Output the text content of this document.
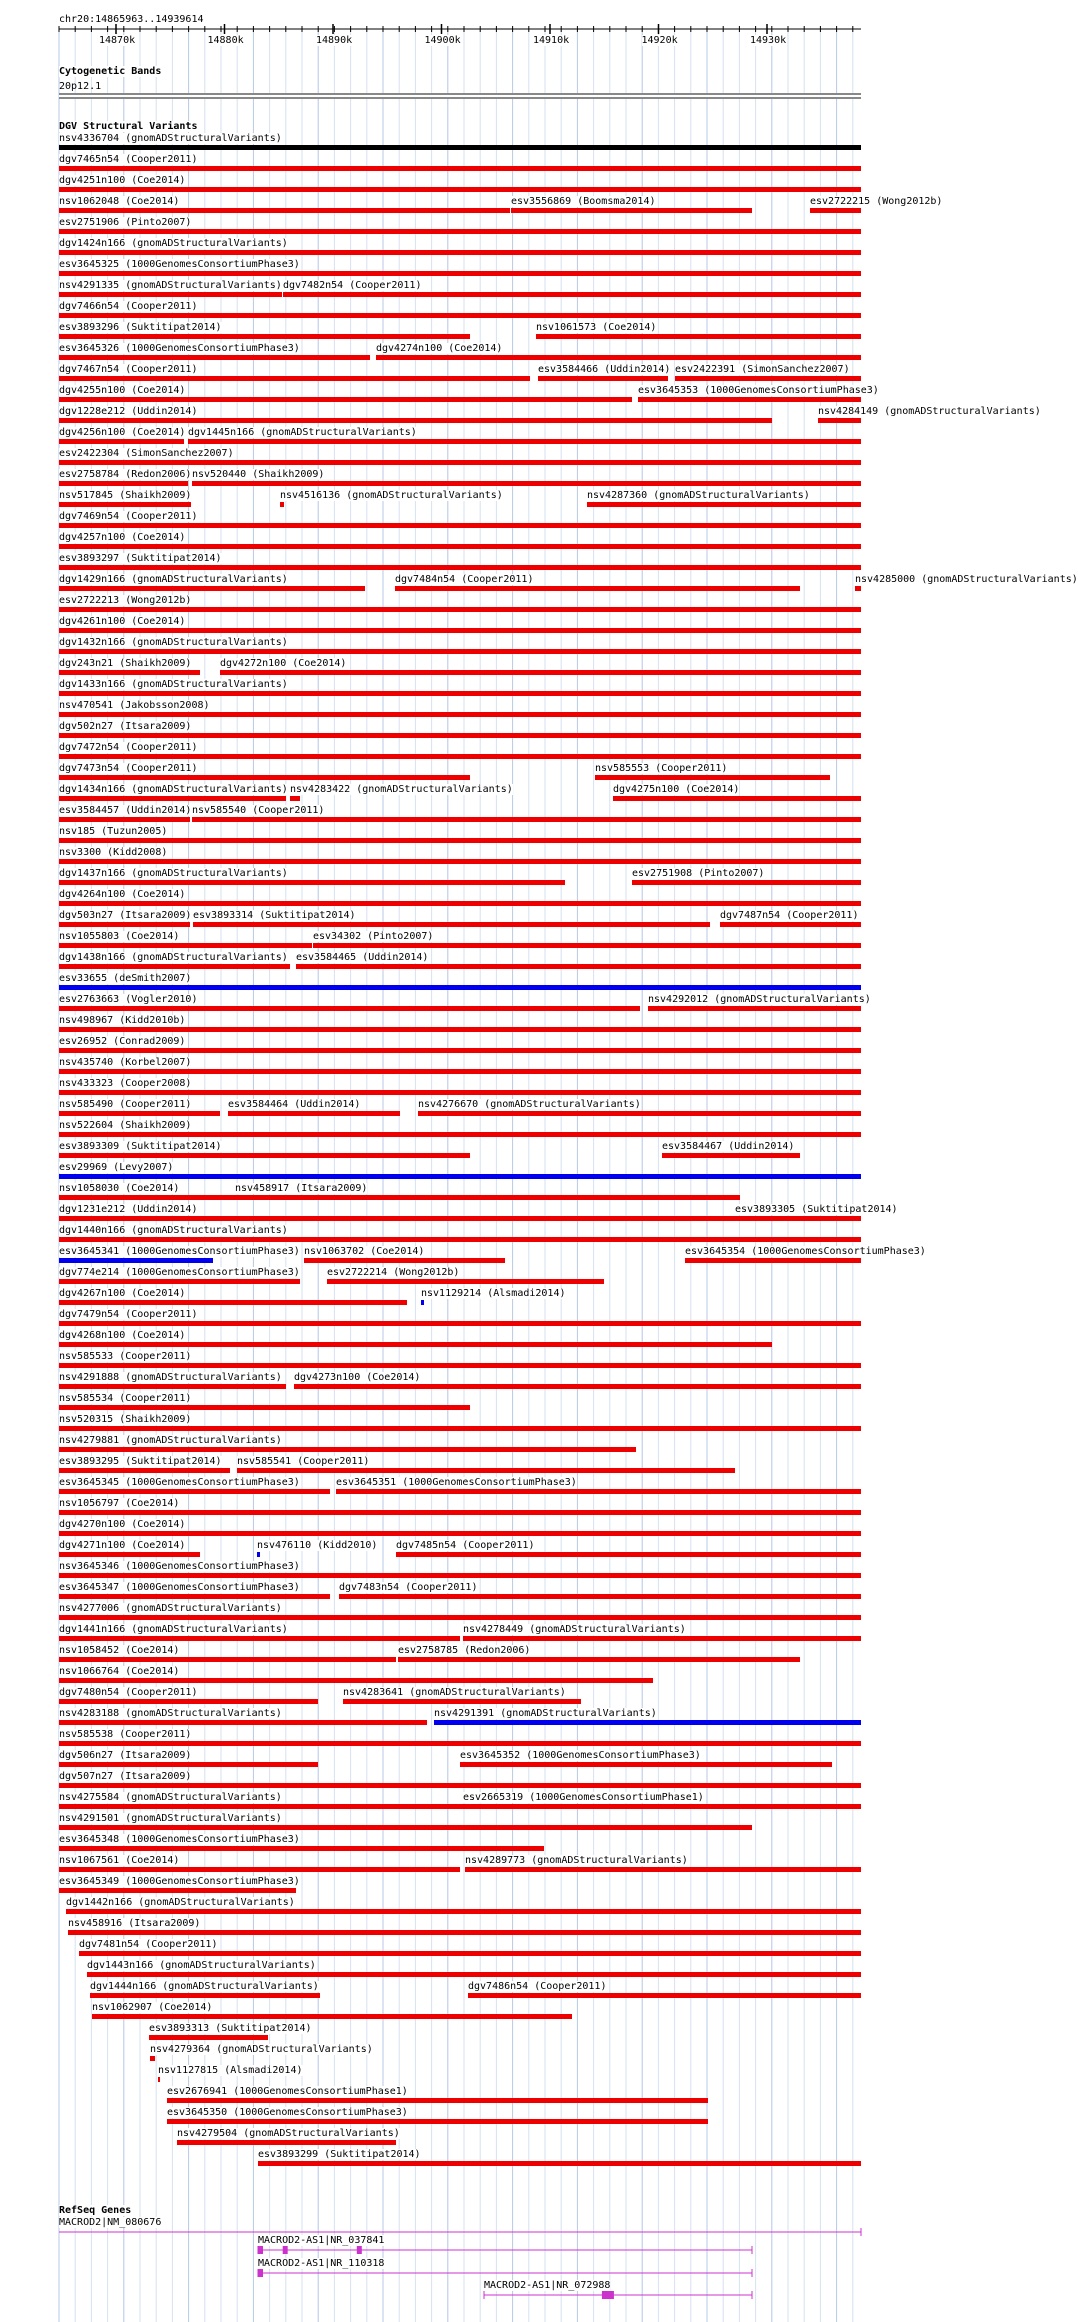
chr20:14865963..14939614
14870k	14880k	14890k	14900k	14910k	14920k	14930k
Cytogenetic Bands
20p12.1
DGV Structural Variants
nsv4336704 (gnomADStructuralVariants)
dgv7465n54 (Cooper2011)
dgv4251n100 (Coe2014)
nsv1062048 (Coe2014)	esv3556869 (Boomsma2014)	esv2722215 (Wong2012b)
esv2751906 (Pinto2007)
dgv1424n166 (gnomADStructuralVariants)
esv3645325 (1000GenomesConsortiumPhase3)
nsv4291335 (gnomADStructuralVariants) dgv7482n54 (Cooper2011)
dgv7466n54 (Cooper2011)
esv3893296 (Suktitipat2014)	nsv1061573 (Coe2014)
esv3645326 (1000GenomesConsortiumPhase3)	dgv4274n100 (Coe2014)
dgv7467n54 (Cooper2011)	esv3584466 (Uddin2014) esv2422391 (SimonSanchez2007)
dgv4255n100 (Coe2014)	esv3645353 (1000GenomesConsortiumPhase3)
dgv1228e212 (Uddin2014)	nsv4284149 (gnomADStructuralVariants)
dgv4256n100 (Coe2014) dgv1445n166 (gnomADStructuralVariants)
esv2422304 (SimonSanchez2007)
esv2758784 (Redon2006) nsv520440 (Shaikh2009)
nsv517845 (Shaikh2009)	nsv4516136 (gnomADStructuralVariants)	nsv4287360 (gnomADStructuralVariants)
dgv7469n54 (Cooper2011)
dgv4257n100 (Coe2014)
esv3893297 (Suktitipat2014)
dgv1429n166 (gnomADStructuralVariants)	dgv7484n54 (Cooper2011)	nsv4285000 (gnomADStructuralVariants)
esv2722213 (Wong2012b)
dgv4261n100 (Coe2014)
dgv1432n166 (gnomADStructuralVariants)
dgv243n21 (Shaikh2009)	dgv4272n100 (Coe2014)
dgv1433n166 (gnomADStructuralVariants)
nsv470541 (Jakobsson2008)
dgv502n27 (Itsara2009)
dgv7472n54 (Cooper2011)
dgv7473n54 (Cooper2011)	nsv585553 (Cooper2011)
dgv1434n166 (gnomADStructuralVariants) nsv4283422 (gnomADStructuralVariants)	dgv4275n100 (Coe2014)
esv3584457 (Uddin2014) nsv585540 (Cooper2011)
nsv185 (Tuzun2005)
nsv3300 (Kidd2008)
dgv1437n166 (gnomADStructuralVariants)	esv2751908 (Pinto2007)
dgv4264n100 (Coe2014)
dgv503n27 (Itsara2009) esv3893314 (Suktitipat2014)	dgv7487n54 (Cooper2011)
nsv1055803 (Coe2014)	esv34302 (Pinto2007)
dgv1438n166 (gnomADStructuralVariants) esv3584465 (Uddin2014)
esv33655 (deSmith2007)
esv2763663 (Vogler2010)	nsv4292012 (gnomADStructuralVariants)
nsv498967 (Kidd2010b)
esv26952 (Conrad2009)
nsv435740 (Korbel2007)
nsv433323 (Cooper2008)
nsv585490 (Cooper2011)	esv3584464 (Uddin2014)	nsv4276670 (gnomADStructuralVariants)
nsv522604 (Shaikh2009)
esv3893309 (Suktitipat2014)	esv3584467 (Uddin2014)
esv29969 (Levy2007)
nsv1058030 (Coe2014)	nsv458917 (Itsara2009)
dgv1231e212 (Uddin2014)	esv3893305 (Suktitipat2014)
dgv1440n166 (gnomADStructuralVariants)
esv3645341 (1000GenomesConsortiumPhase3) nsv1063702 (Coe2014)	esv3645354 (1000GenomesConsortiumPhase3)
dgv774e214 (1000GenomesConsortiumPhase3)	esv2722214 (Wong2012b)
dgv4267n100 (Coe2014)	nsv1129214 (Alsmadi2014)
dgv7479n54 (Cooper2011)
dgv4268n100 (Coe2014)
nsv585533 (Cooper2011)
nsv4291888 (gnomADStructuralVariants) dgv4273n100 (Coe2014)
nsv585534 (Cooper2011)
nsv520315 (Shaikh2009)
nsv4279881 (gnomADStructuralVariants)
esv3893295 (Suktitipat2014) nsv585541 (Cooper2011)
esv3645345 (1000GenomesConsortiumPhase3)	esv3645351 (1000GenomesConsortiumPhase3)
nsv1056797 (Coe2014)
dgv4270n100 (Coe2014)
dgv4271n100 (Coe2014)	nsv476110 (Kidd2010) dgv7485n54 (Cooper2011)
nsv3645346 (1000GenomesConsortiumPhase3)
esv3645347 (1000GenomesConsortiumPhase3)	dgv7483n54 (Cooper2011)
nsv4277006 (gnomADStructuralVariants)
dgv1441n166 (gnomADStructuralVariants)	nsv4278449 (gnomADStructuralVariants)
nsv1058452 (Coe2014)	esv2758785 (Redon2006)
nsv1066764 (Coe2014)
dgv7480n54 (Cooper2011)	nsv4283641 (gnomADStructuralVariants)
nsv4283188 (gnomADStructuralVariants)	nsv4291391 (gnomADStructuralVariants)
nsv585538 (Cooper2011)
dgv506n27 (Itsara2009)	esv3645352 (1000GenomesConsortiumPhase3)
dgv507n27 (Itsara2009)
nsv4275584 (gnomADStructuralVariants)	esv2665319 (1000GenomesConsortiumPhase1)
nsv4291501 (gnomADStructuralVariants)
esv3645348 (1000GenomesConsortiumPhase3)
nsv1067561 (Coe2014)	nsv4289773 (gnomADStructuralVariants)
esv3645349 (1000GenomesConsortiumPhase3)
dgv1442n166 (gnomADStructuralVariants)
nsv458916 (Itsara2009)
dgv7481n54 (Cooper2011)
dgv1443n166 (gnomADStructuralVariants)
dgv1444n166 (gnomADStructuralVariants)	dgv7486n54 (Cooper2011)
nsv1062907 (Coe2014)
esv3893313 (Suktitipat2014)
nsv4279364 (gnomADStructuralVariants)
nsv1127815 (Alsmadi2014)
esv2676941 (1000GenomesConsortiumPhase1)
esv3645350 (1000GenomesConsortiumPhase3)
nsv4279504 (gnomADStructuralVariants)
esv3893299 (Suktitipat2014)
RefSeq Genes
MACROD2|NM_080676
MACROD2-AS1|NR_037841
MACROD2-AS1|NR_110318
MACROD2-AS1|NR_072988
